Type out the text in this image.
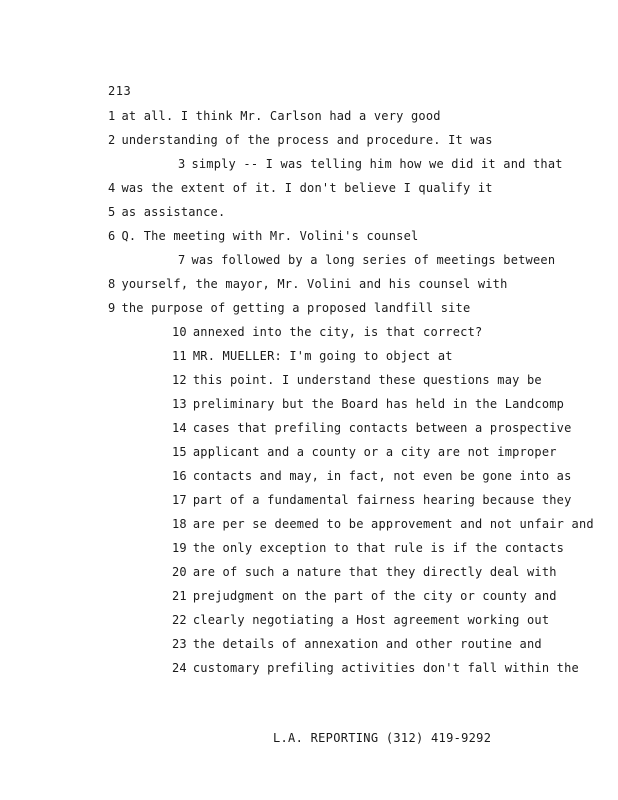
213
1 at all. I think Mr. Carlson had a very good
2 understanding of the process and procedure. It was
3 simply -- I was telling him how we did it and that
4 was the extent of it. I don't believe I qualify it
5 as assistance.
6 Q. The meeting with Mr. Volini's counsel
7 was followed by a long series of meetings between
8 yourself, the mayor, Mr. Volini and his counsel with
9 the purpose of getting a proposed landfill site
10 annexed into the city, is that correct?
11 MR. MUELLER: I'm going to object at
12 this point. I understand these questions may be
13 preliminary but the Board has held in the Landcomp
14 cases that prefiling contacts between a prospective
15 applicant and a county or a city are not improper
16 contacts and may, in fact, not even be gone into as
17 part of a fundamental fairness hearing because they
18 are per se deemed to be approvement and not unfair and
19 the only exception to that rule is if the contacts
20 are of such a nature that they directly deal with
21 prejudgment on the part of the city or county and
22 clearly negotiating a Host agreement working out
23 the details of annexation and other routine and
24 customary prefiling activities don't fall within the
L.A. REPORTING (312) 419-9292
